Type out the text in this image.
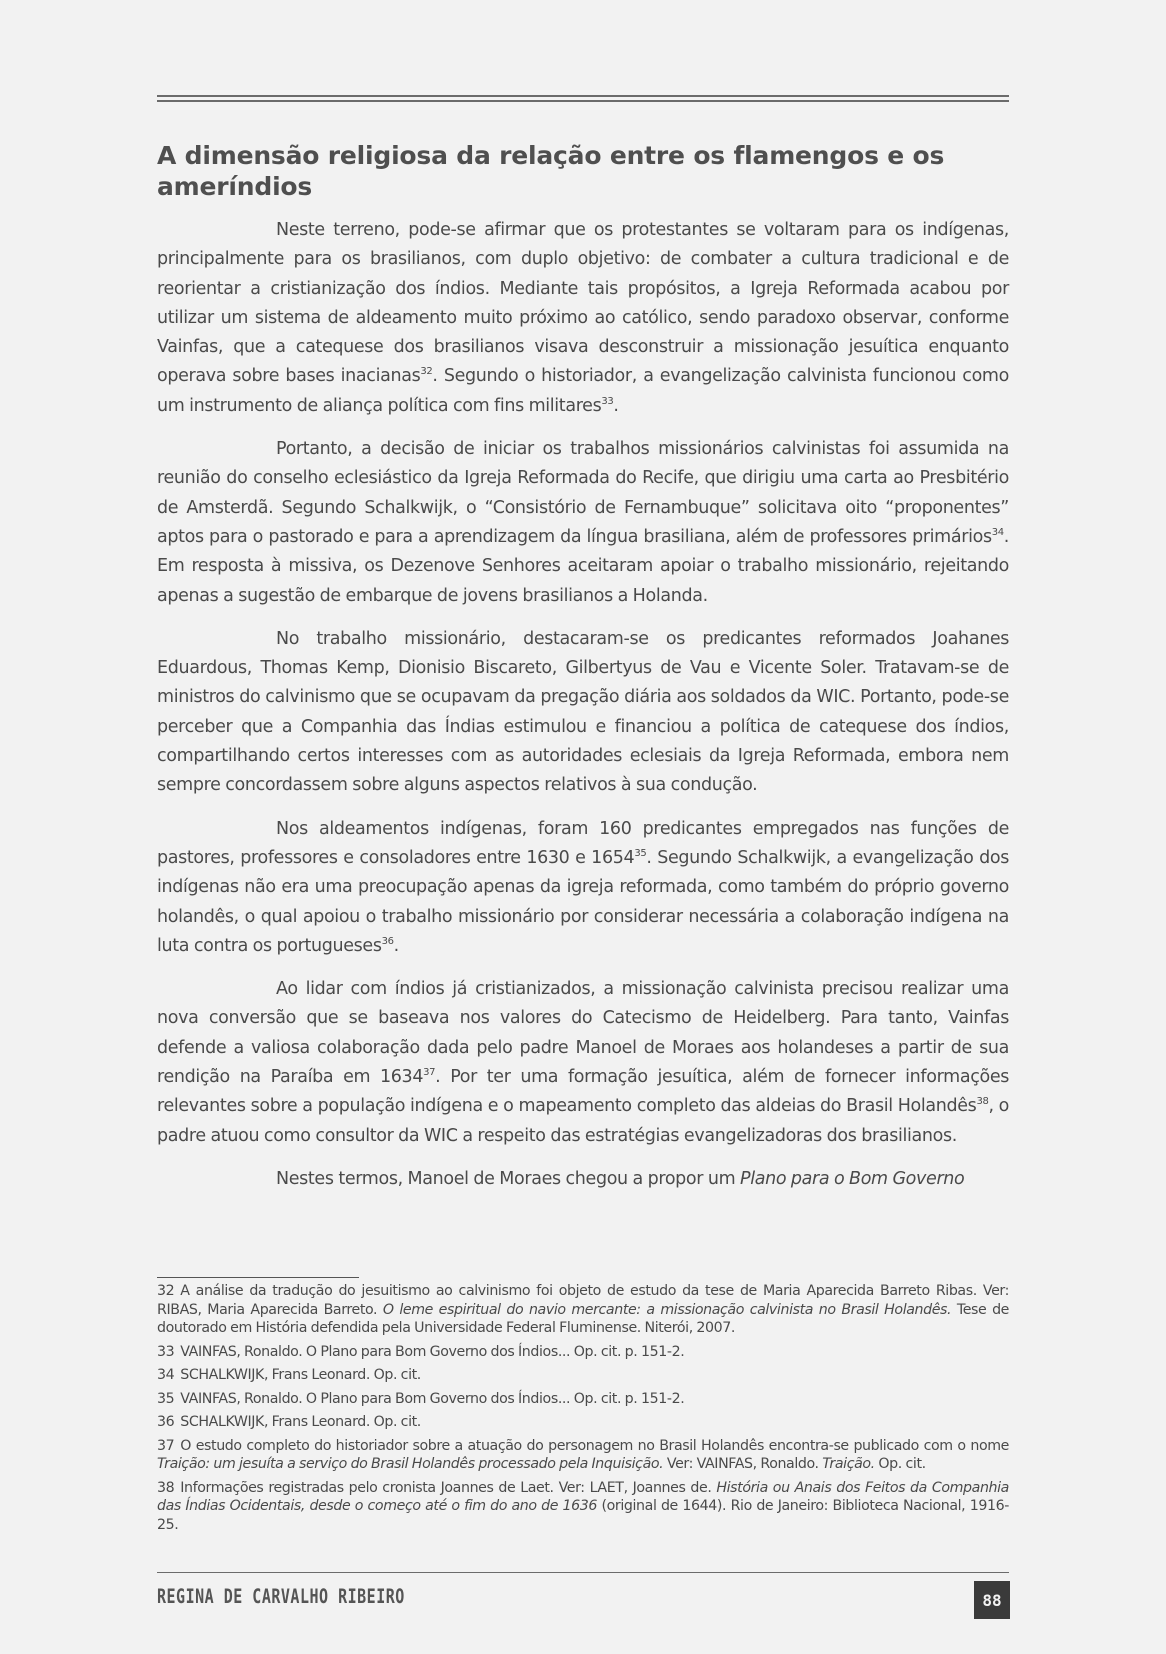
A dimensão religiosa da relação entre os flamengos e os ameríndios

Neste terreno, pode-se afirmar que os protestantes se voltaram para os indígenas, principalmente para os brasilianos, com duplo objetivo: de combater a cultura tradicional e de reorientar a cristianização dos índios. Mediante tais propósitos, a Igreja Reformada acabou por utilizar um sistema de aldeamento muito próximo ao católico, sendo paradoxo observar, conforme Vainfas, que a catequese dos brasilianos visava desconstruir a missionação jesuítica enquanto operava sobre bases inacianas$^{32}$. Segundo o historiador, a evangelização calvinista funcionou como um instrumento de aliança política com fins militares$^{33}$.

Portanto, a decisão de iniciar os trabalhos missionários calvinistas foi assumida na reunião do conselho eclesiástico da Igreja Reformada do Recife, que dirigiu uma carta ao Presbitério de Amsterdã. Segundo Schalkwijk, o “Consistório de Fernambuque” solicitava oito “proponentes” aptos para o pastorado e para a aprendizagem da língua brasiliana, além de professores primários$^{34}$. Em resposta à missiva, os Dezenove Senhores aceitaram apoiar o trabalho missionário, rejeitando apenas a sugestão de embarque de jovens brasilianos a Holanda.

No trabalho missionário, destacaram-se os predicantes reformados Joahanes Eduardous, Thomas Kemp, Dionisio Biscareto, Gilbertyus de Vau e Vicente Soler. Tratavam-se de ministros do calvinismo que se ocupavam da pregação diária aos soldados da WIC. Portanto, pode-se perceber que a Companhia das Índias estimulou e financiou a política de catequese dos índios, compartilhando certos interesses com as autoridades eclesiais da Igreja Reformada, embora nem sempre concordassem sobre alguns aspectos relativos à sua condução.

Nos aldeamentos indígenas, foram 160 predicantes empregados nas funções de pastores, professores e consoladores entre 1630 e 1654$^{35}$. Segundo Schalkwijk, a evangelização dos indígenas não era uma preocupação apenas da igreja reformada, como também do próprio governo holandês, o qual apoiou o trabalho missionário por considerar necessária a colaboração indígena na luta contra os portugueses$^{36}$.

Ao lidar com índios já cristianizados, a missionação calvinista precisou realizar uma nova conversão que se baseava nos valores do Catecismo de Heidelberg. Para tanto, Vainfas defende a valiosa colaboração dada pelo padre Manoel de Moraes aos holandeses a partir de sua rendição na Paraíba em 1634$^{37}$. Por ter uma formação jesuítica, além de fornecer informações relevantes sobre a população indígena e o mapeamento completo das aldeias do Brasil Holandês$^{38}$, o padre atuou como consultor da WIC a respeito das estratégias evangelizadoras dos brasilianos.

Nestes termos, Manoel de Moraes chegou a propor um Plano para o Bom Governo

32 A análise da tradução do jesuitismo ao calvinismo foi objeto de estudo da tese de Maria Aparecida Barreto Ribas. Ver: RIBAS, Maria Aparecida Barreto. O leme espiritual do navio mercante: a missionação calvinista no Brasil Holandês. Tese de doutorado em História defendida pela Universidade Federal Fluminense. Niterói, 2007.
33 VAINFAS, Ronaldo. O Plano para Bom Governo dos Índios... Op. cit. p. 151-2.
34 SCHALKWIJK, Frans Leonard. Op. cit.
35 VAINFAS, Ronaldo. O Plano para Bom Governo dos Índios... Op. cit. p. 151-2.
36 SCHALKWIJK, Frans Leonard. Op. cit.
37 O estudo completo do historiador sobre a atuação do personagem no Brasil Holandês encontra-se publicado com o nome Traição: um jesuíta a serviço do Brasil Holandês processado pela Inquisição. Ver: VAINFAS, Ronaldo. Traição. Op. cit.
38 Informações registradas pelo cronista Joannes de Laet. Ver: LAET, Joannes de. História ou Anais dos Feitos da Companhia das Índias Ocidentais, desde o começo até o fim do ano de 1636 (original de 1644). Rio de Janeiro: Biblioteca Nacional, 1916-25.
REGINA DE CARVALHO RIBEIRO	88
